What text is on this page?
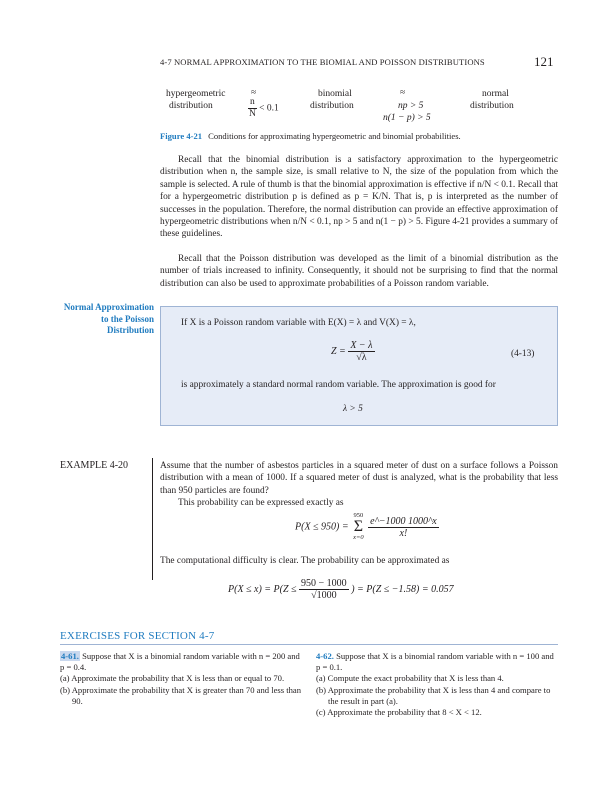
4-7 NORMAL APPROXIMATION TO THE BIOMIAL AND POISSON DISTRIBUTIONS	121
hypergeometric
distribution
≈
$\frac{n}{N} < 0.1$
binomial
distribution
≈
np > 5
n(1 − p) > 5
normal
distribution
Figure 4-21 Conditions for approximating hypergeometric and binomial probabilities.
Recall that the binomial distribution is a satisfactory approximation to the hypergeometric distribution when n, the sample size, is small relative to N, the size of the population from which the sample is selected. A rule of thumb is that the binomial approximation is effective if n/N < 0.1. Recall that for a hypergeometric distribution p is defined as p = K/N. That is, p is interpreted as the number of successes in the population. Therefore, the normal distribution can provide an effective approximation of hypergeometric distributions when n/N < 0.1, np > 5 and n(1 − p) > 5. Figure 4-21 provides a summary of these guidelines.
Recall that the Poisson distribution was developed as the limit of a binomial distribution as the number of trials increased to infinity. Consequently, it should not be surprising to find that the normal distribution can also be used to approximate probabilities of a Poisson random variable.
Normal Approximation to the Poisson Distribution
If X is a Poisson random variable with E(X) = λ and V(X) = λ,
$Z = \frac{X - \lambda}{√\lambda}$	(4-13)
is approximately a standard normal random variable. The approximation is good for
λ > 5
EXAMPLE 4-20	Assume that the number of asbestos particles in a squared meter of dust on a surface follows a Poisson distribution with a mean of 1000. If a squared meter of dust is analyzed, what is the probability that less than 950 particles are found?
This probability can be expressed exactly as
P(X ≤ 950) =
950
Σ
x=0
$\frac{e\^{}-1000 1000\^{}x}{x!}$
The computational difficulty is clear. The probability can be approximated as
$P(X \le x) = P(Z \le \frac{950 - 1000}{√1000}$ ) = P(Z ≤ −1.58) = 0.057
EXERCISES FOR SECTION 4-7
4-61. Suppose that X is a binomial random variable with n = 200 and p = 0.4.
(a) Approximate the probability that X is less than or equal to 70.
(b) Approximate the probability that X is greater than 70 and less than 90.
4-62. Suppose that X is a binomial random variable with n = 100 and p = 0.1.
(a) Compute the exact probability that X is less than 4.
(b) Approximate the probability that X is less than 4 and compare to the result in part (a).
(c) Approximate the probability that 8 < X < 12.
